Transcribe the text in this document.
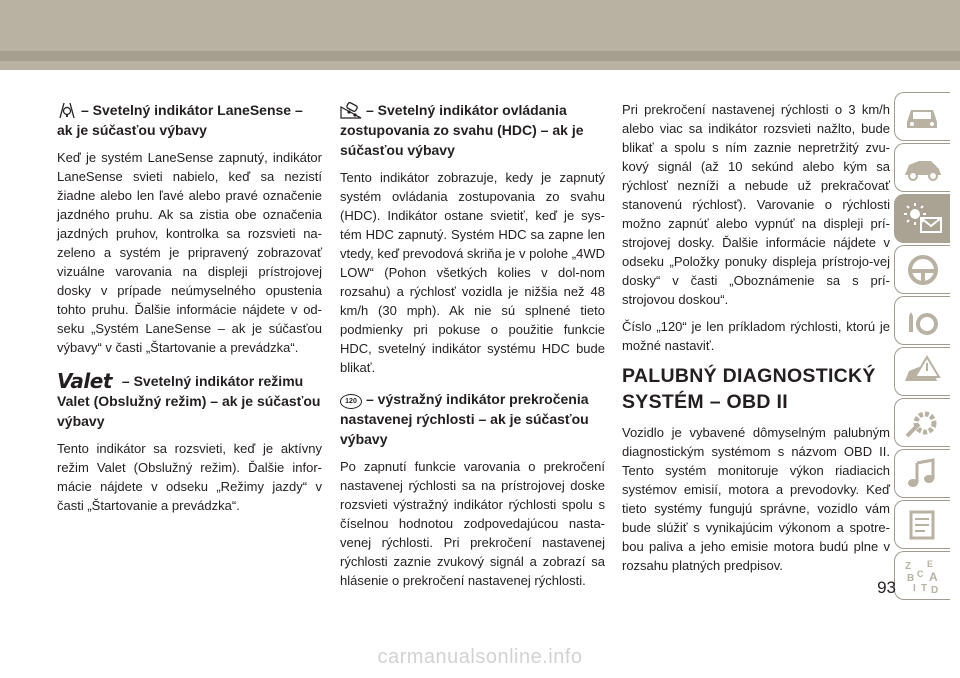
– Svetelný indikátor LaneSense – ak je súčasťou výbavy
Keď je systém LaneSense zapnutý, indikátor LaneSense svieti nabielo, keď sa nezistí žiadne alebo len ľavé alebo pravé označenie jazdného pruhu. Ak sa zistia obe označenia jazdných pruhov, kontrolka sa rozsvieti na-zeleno a systém je pripravený zobrazovať vizuálne varovania na displeji prístrojovej dosky v prípade neúmyselného opustenia tohto pruhu. Ďalšie informácie nájdete v od-seku „Systém LaneSense – ak je súčasťou výbavy“ v časti „Štartovanie a prevádzka“.
Valet – Svetelný indikátor režimu Valet (Obslužný režim) – ak je súčasťou výbavy
Tento indikátor sa rozsvieti, keď je aktívny režim Valet (Obslužný režim). Ďalšie infor-mácie nájdete v odseku „Režimy jazdy“ v časti „Štartovanie a prevádzka“.
– Svetelný indikátor ovládania zostupovania zo svahu (HDC) – ak je súčasťou výbavy
Tento indikátor zobrazuje, kedy je zapnutý systém ovládania zostupovania zo svahu (HDC). Indikátor ostane svietiť, keď je sys-tém HDC zapnutý. Systém HDC sa zapne len vtedy, keď prevodová skriňa je v polohe „4WD LOW“ (Pohon všetkých kolies v dol-nom rozsahu) a rýchlosť vozidla je nižšia než 48 km/h (30 mph). Ak nie sú splnené tieto podmienky pri pokuse o použitie funkcie HDC, svetelný indikátor systému HDC bude blikať.
120 – výstražný indikátor prekročenia nastavenej rýchlosti – ak je súčasťou výbavy
Po zapnutí funkcie varovania o prekročení nastavenej rýchlosti sa na prístrojovej doske rozsvieti výstražný indikátor rýchlosti spolu s číselnou hodnotou zodpovedajúcou nasta-venej rýchlosti. Pri prekročení nastavenej rýchlosti zaznie zvukový signál a zobrazí sa hlásenie o prekročení nastavenej rýchlosti.
Pri prekročení nastavenej rýchlosti o 3 km/h alebo viac sa indikátor rozsvieti nažlto, bude blikať a spolu s ním zaznie nepretržitý zvu-kový signál (až 10 sekúnd alebo kým sa rýchlosť nezníži a nebude už prekračovať stanovenú rýchlosť). Varovanie o rýchlosti možno zapnúť alebo vypnúť na displeji prí-strojovej dosky. Ďalšie informácie nájdete v odseku „Položky ponuky displeja prístrojo-vej dosky“ v časti „Oboznámenie sa s prí-strojovou doskou“.
Číslo „120“ je len príkladom rýchlosti, ktorú je možné nastaviť.
PALUBNÝ DIAGNOSTICKÝ SYSTÉM – OBD II
Vozidlo je vybavené dômyselným palubným diagnostickým systémom s názvom OBD II. Tento systém monitoruje výkon riadiacich systémov emisií, motora a prevodovky. Keď tieto systémy fungujú správne, vozidlo vám bude slúžiť s vynikajúcim výkonom a spotre-bou paliva a jeho emisie motora budú plne v rozsahu platných predpisov.	Z E
B C A
I T D
93
carmanualsonline.info
